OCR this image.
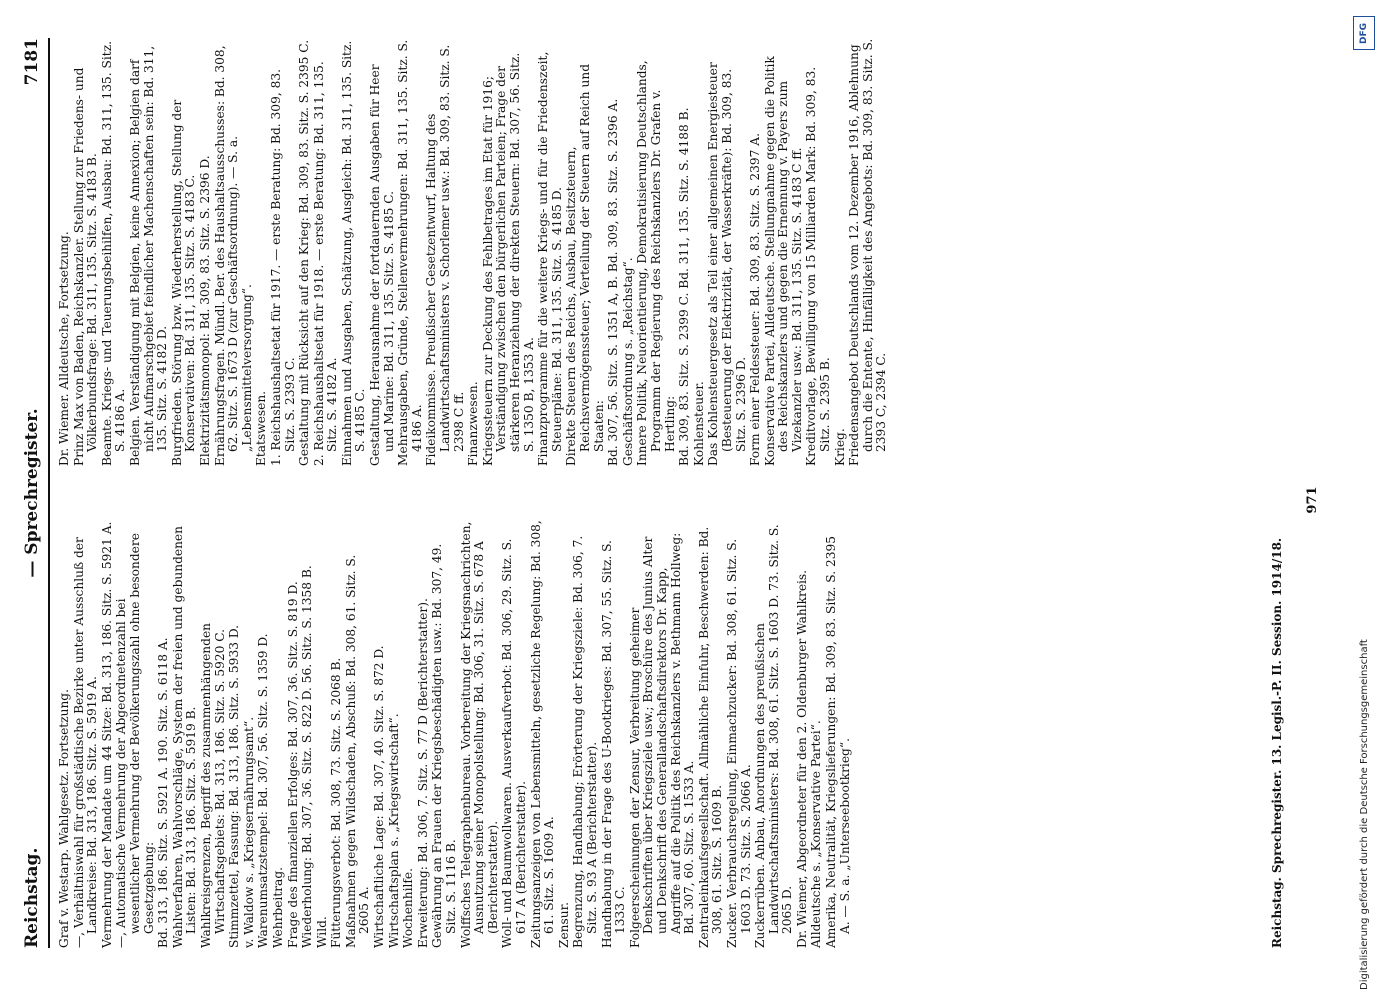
Reichstag.
— Sprechregister.
7181

Graf v. Westarp. Wahlgesetz. Fortsetzung. —, Verhältniswahl für großstädtische Bezirke unter Ausschluß der Landkreise: Bd. 313, 186. Sitz. S. 5919 A. Vermehrung der Mandate um 44 Sitze: Bd. 313, 186. Sitz. S. 5921 A. —, Automatische Vermehrung der Abgeordnetenzahl bei wesentlicher Vermehrung der Bevölkerungszahl ohne besondere Gesetzgebung: Bd. 313, 186. Sitz. S. 5921 A. 190. Sitz. S. 6118 A. Wahlverfahren, Wahlvorschläge, System der freien und gebundenen Listen: Bd. 313, 186. Sitz. S. 5919 B. Wahlkreisgrenzen, Begriff des zusammenhängenden Wirtschaftsgebiets: Bd. 313, 186. Sitz. S. 5920 C. Stimmzettel, Fassung: Bd. 313, 186. Sitz. S. 5933 D. v. Waldow s. „Kriegsernährungsamt“. Warenumsatzstempel: Bd. 307, 56. Sitz. S. 1359 D. Wehrbeitrag. Frage des finanziellen Erfolges: Bd. 307, 36. Sitz. S. 819 D. Wiederholung: Bd. 307, 36. Sitz. S. 822 D. 56. Sitz. S. 1358 B. Wild. Fütterungsverbot: Bd. 308, 73. Sitz. S. 2068 B. Maßnahmen gegen Wildschaden, Abschuß: Bd. 308, 61. Sitz. S. 2605 A. Wirtschaftliche Lage: Bd. 307, 40. Sitz. S. 872 D. Wirtschaftsplan s. „Kriegswirtschaft“. Wochenhilfe. Erweiterung: Bd. 306, 7. Sitz. S. 77 D (Berichterstatter). Gewährung an Frauen der Kriegsbeschädigten usw.: Bd. 307, 49. Sitz. S. 1116 B. Wolffsches Telegraphenbureau. Vorbereitung der Kriegsnachrichten, Ausnutzung seiner Monopolstellung: Bd. 306, 31. Sitz. S. 678 A (Berichterstatter). Woll- und Baumwollwaren. Ausverkaufverbot: Bd. 306, 29. Sitz. S. 617 A (Berichterstatter). Zeitungsanzeigen von Lebensmitteln, gesetzliche Regelung: Bd. 308, 61. Sitz. S. 1609 A. Zensur. Begrenzung, Handhabung; Erörterung der Kriegsziele: Bd. 306, 7. Sitz. S. 93 A (Berichterstatter). Handhabung in der Frage des U-Bootkrieges: Bd. 307, 55. Sitz. S. 1333 C. Folgeerscheinungen der Zensur, Verbreitung geheimer Denkschriften über Kriegsziele usw.; Broschüre des Junius Alter und Denkschrift des Generallandschaftsdirektors Dr. Kapp, Angriffe auf die Politik des Reichskanzlers v. Bethmann Hollweg: Bd. 307, 60. Sitz. S. 1533 A. Zentraleinkaufsgesellschaft. Allmähliche Einfuhr, Beschwerden: Bd. 308, 61. Sitz. S. 1609 B. Zucker. Verbrauchsregelung, Einmachzucker: Bd. 308, 61. Sitz. S. 1603 D. 73. Sitz. S. 2066 A. Zuckerrüben. Anbau, Anordnungen des preußischen Landwirtschaftsministers: Bd. 308, 61. Sitz. S. 1603 D. 73. Sitz. S. 2065 D. Dr. Wiemer, Abgeordneter für den 2. Oldenburger Wahlkreis. Alldeutsche s. „Konservative Partei“. Amerika, Neutralität, Kriegslieferungen: Bd. 309, 83. Sitz. S. 2395 A. — S. a. „Unterseebootkrieg“.

Dr. Wiemer. Alldeutsche, Fortsetzung. Prinz Max von Baden, Reichskanzler. Stellung zur Friedens- und Völkerbundsfrage: Bd. 311, 135. Sitz. S. 4183 B. Beamte. Kriegs- und Teuerungsbeihilfen, Ausbau: Bd. 311, 135. Sitz. S. 4186 A. Belgien. Verständigung mit Belgien, keine Annexion; Belgien darf nicht Aufmarschgebiet feindlicher Machenschaften sein: Bd. 311, 135. Sitz. S. 4182 D. Burgfrieden. Störung bzw. Wiederherstellung, Stellung der Konservativen: Bd. 311, 135. Sitz. S. 4183 C. Elektrizitätsmonopol: Bd. 309, 83. Sitz. S. 2396 D. Ernährungsfragen. Mündl. Ber. des Haushaltsausschusses: Bd. 308, 62. Sitz. S. 1673 D (zur Geschäftsordnung). — S. a. „Lebensmittelversorgung“. Etatswesen. 1. Reichshaushaltsetat für 1917. — erste Beratung: Bd. 309, 83. Sitz. S. 2393 C. Gestaltung mit Rücksicht auf den Krieg: Bd. 309, 83. Sitz. S. 2395 C. 2. Reichshaushaltsetat für 1918. — erste Beratung: Bd. 311, 135. Sitz. S. 4182 A. Einnahmen und Ausgaben, Schätzung, Ausgleich: Bd. 311, 135. Sitz. S. 4185 C. Gestaltung, Herausnahme der fortdauernden Ausgaben für Heer und Marine: Bd. 311, 135. Sitz. S. 4185 C. Mehrausgaben, Gründe, Stellenvermehrungen: Bd. 311, 135. Sitz. S. 4186 A. Fideikommisse. Preußischer Gesetzentwurf, Haltung des Landwirtschaftsministers v. Schorlemer usw.: Bd. 309, 83. Sitz. S. 2398 C ff. Finanzwesen. Kriegssteuern zur Deckung des Fehlbetrages im Etat für 1916; Verständigung zwischen den bürgerlichen Parteien; Frage der stärkeren Heranziehung der direkten Steuern: Bd. 307, 56. Sitz. S. 1350 B, 1353 A. Finanzprogramme für die weitere Kriegs- und für die Friedenszeit, Steuerpläne: Bd. 311, 135. Sitz. S. 4185 D. Direkte Steuern des Reichs, Ausbau, Besitzsteuern, Reichsvermögenssteuer; Verteilung der Steuern auf Reich und Staaten: Bd. 307, 56. Sitz. S. 1351 A, B. Bd. 309, 83. Sitz. S. 2396 A. Geschäftsordnung s. „Reichstag“. Innere Politik, Neuorientierung, Demokratisierung Deutschlands, Programm der Regierung des Reichskanzlers Dr. Grafen v. Hertling: Bd. 309, 83. Sitz. S. 2399 C. Bd. 311, 135. Sitz. S. 4188 B. Kohlensteuer. Das Kohlensteuergesetz als Teil einer allgemeinen Energiesteuer (Besteuerung der Elektrizität, der Wasserkräfte): Bd. 309, 83. Sitz. S. 2396 D. Form einer Feldessteuer: Bd. 309, 83. Sitz. S. 2397 A. Konservative Partei, Alldeutsche. Stellungnahme gegen die Politik des Reichskanzlers und gegen die Ernennung v. Payers zum Vizekanzler usw.: Bd. 311, 135. Sitz. S. 4183 C ff. Kreditvorlage, Bewilligung von 15 Milliarden Mark: Bd. 309, 83. Sitz. S. 2395 B. Krieg. Friedensangebot Deutschlands vom 12. Dezember 1916, Ablehnung durch die Entente, Hinfälligkeit des Angebots: Bd. 309, 83. Sitz. S. 2393 C, 2394 C.

Reichstag. Sprechregister. 13. Legisl.-P. II. Session. 1914/18.
971
Digitalisierung gefördert durch die Deutsche Forschungsgemeinschaft
DFG
